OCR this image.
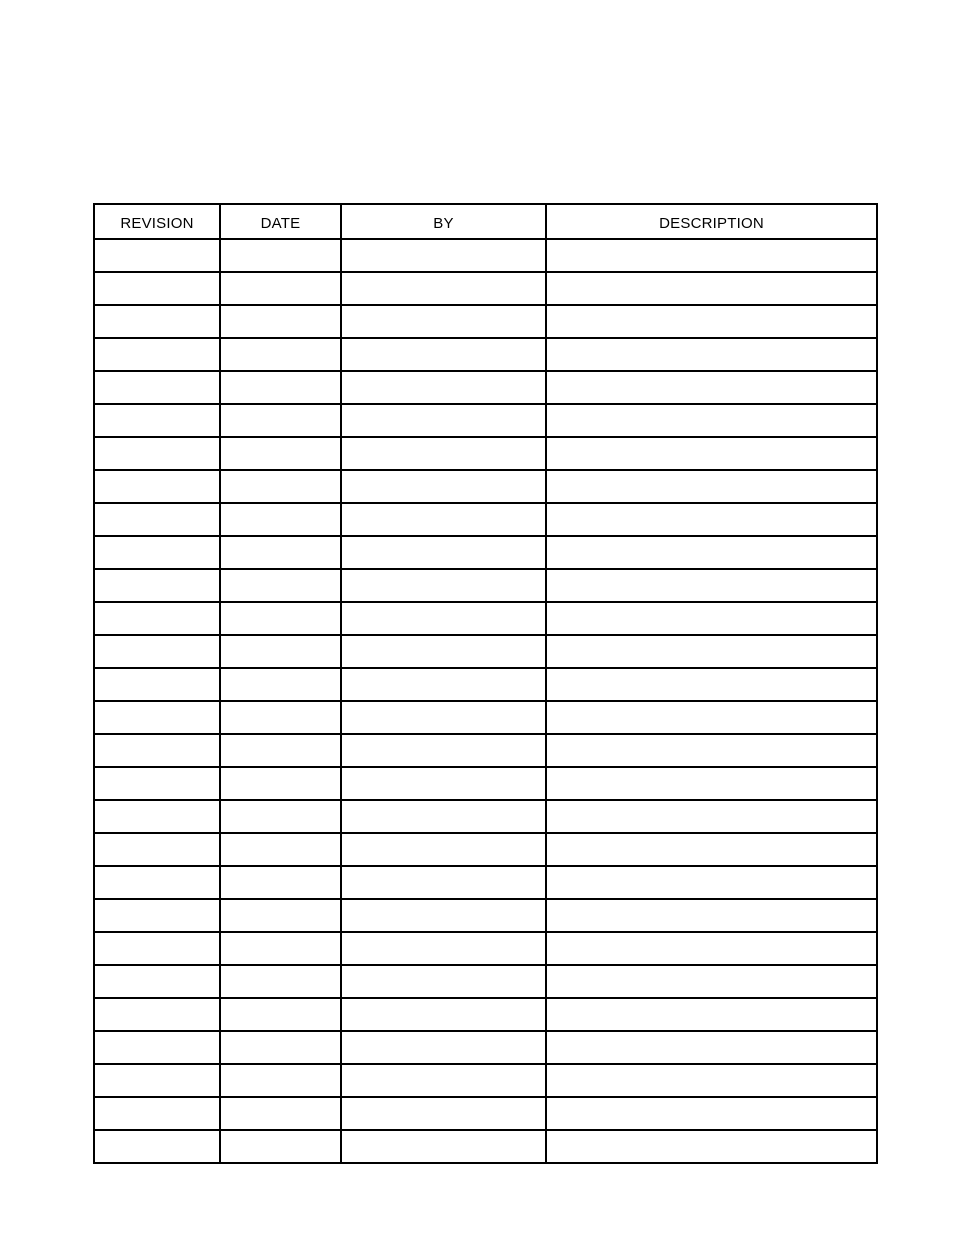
REVISION	DATE	BY	DESCRIPTION
